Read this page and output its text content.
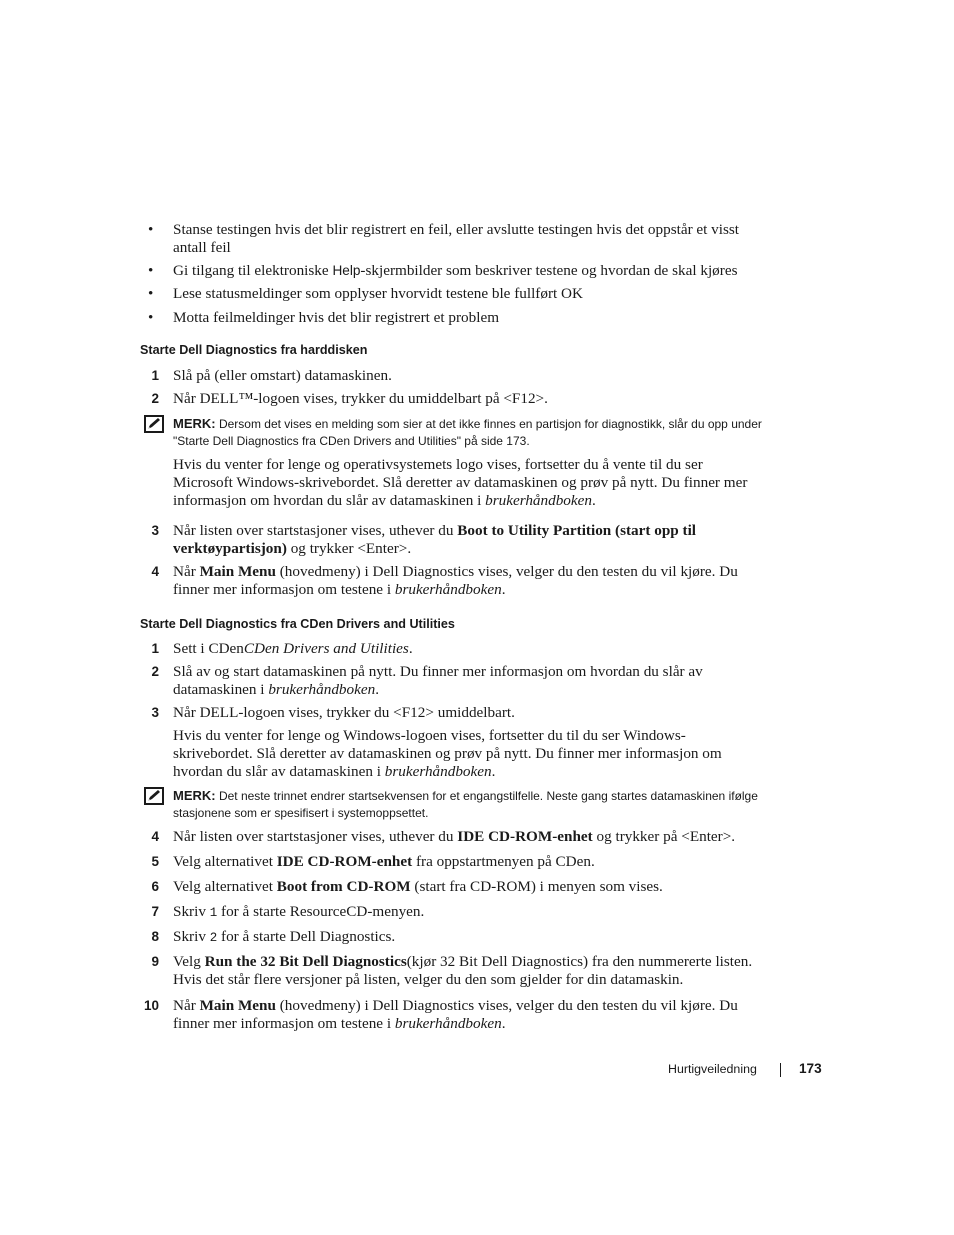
• Stanse testingen hvis det blir registrert en feil, eller avslutte testingen hvis det oppstår et visst antall feil
• Gi tilgang til elektroniske Help-skjermbilder som beskriver testene og hvordan de skal kjøres
• Lese statusmeldinger som opplyser hvorvidt testene ble fullført OK
• Motta feilmeldinger hvis det blir registrert et problem
Starte Dell Diagnostics fra harddisken
1 Slå på (eller omstart) datamaskinen.
2 Når DELL™-logoen vises, trykker du umiddelbart på <F12>.
MERK: Dersom det vises en melding som sier at det ikke finnes en partisjon for diagnostikk, slår du opp under "Starte Dell Diagnostics fra CDen Drivers and Utilities" på side 173.
Hvis du venter for lenge og operativsystemets logo vises, fortsetter du å vente til du ser Microsoft Windows-skrivebordet. Slå deretter av datamaskinen og prøv på nytt. Du finner mer informasjon om hvordan du slår av datamaskinen i brukerhåndboken.
3 Når listen over startstasjoner vises, uthever du Boot to Utility Partition (start opp til verktøypartisjon) og trykker <Enter>.
4 Når Main Menu (hovedmeny) i Dell Diagnostics vises, velger du den testen du vil kjøre. Du finner mer informasjon om testene i brukerhåndboken.
Starte Dell Diagnostics fra CDen Drivers and Utilities
1 Sett i CDenCDen Drivers and Utilities.
2 Slå av og start datamaskinen på nytt. Du finner mer informasjon om hvordan du slår av datamaskinen i brukerhåndboken.
3 Når DELL-logoen vises, trykker du <F12> umiddelbart.
Hvis du venter for lenge og Windows-logoen vises, fortsetter du til du ser Windows-skrivebordet. Slå deretter av datamaskinen og prøv på nytt. Du finner mer informasjon om hvordan du slår av datamaskinen i brukerhåndboken.
MERK: Det neste trinnet endrer startsekvensen for et engangstilfelle. Neste gang startes datamaskinen ifølge stasjonene som er spesifisert i systemoppsettet.
4 Når listen over startstasjoner vises, uthever du IDE CD-ROM-enhet og trykker på <Enter>.
5 Velg alternativet IDE CD-ROM-enhet fra oppstartmenyen på CDen.
6 Velg alternativet Boot from CD-ROM (start fra CD-ROM) i menyen som vises.
7 Skriv 1 for å starte ResourceCD-menyen.
8 Skriv 2 for å starte Dell Diagnostics.
9 Velg Run the 32 Bit Dell Diagnostics(kjør 32 Bit Dell Diagnostics) fra den nummererte listen. Hvis det står flere versjoner på listen, velger du den som gjelder for din datamaskin.
10 Når Main Menu (hovedmeny) i Dell Diagnostics vises, velger du den testen du vil kjøre. Du finner mer informasjon om testene i brukerhåndboken.
Hurtigveiledning	173
